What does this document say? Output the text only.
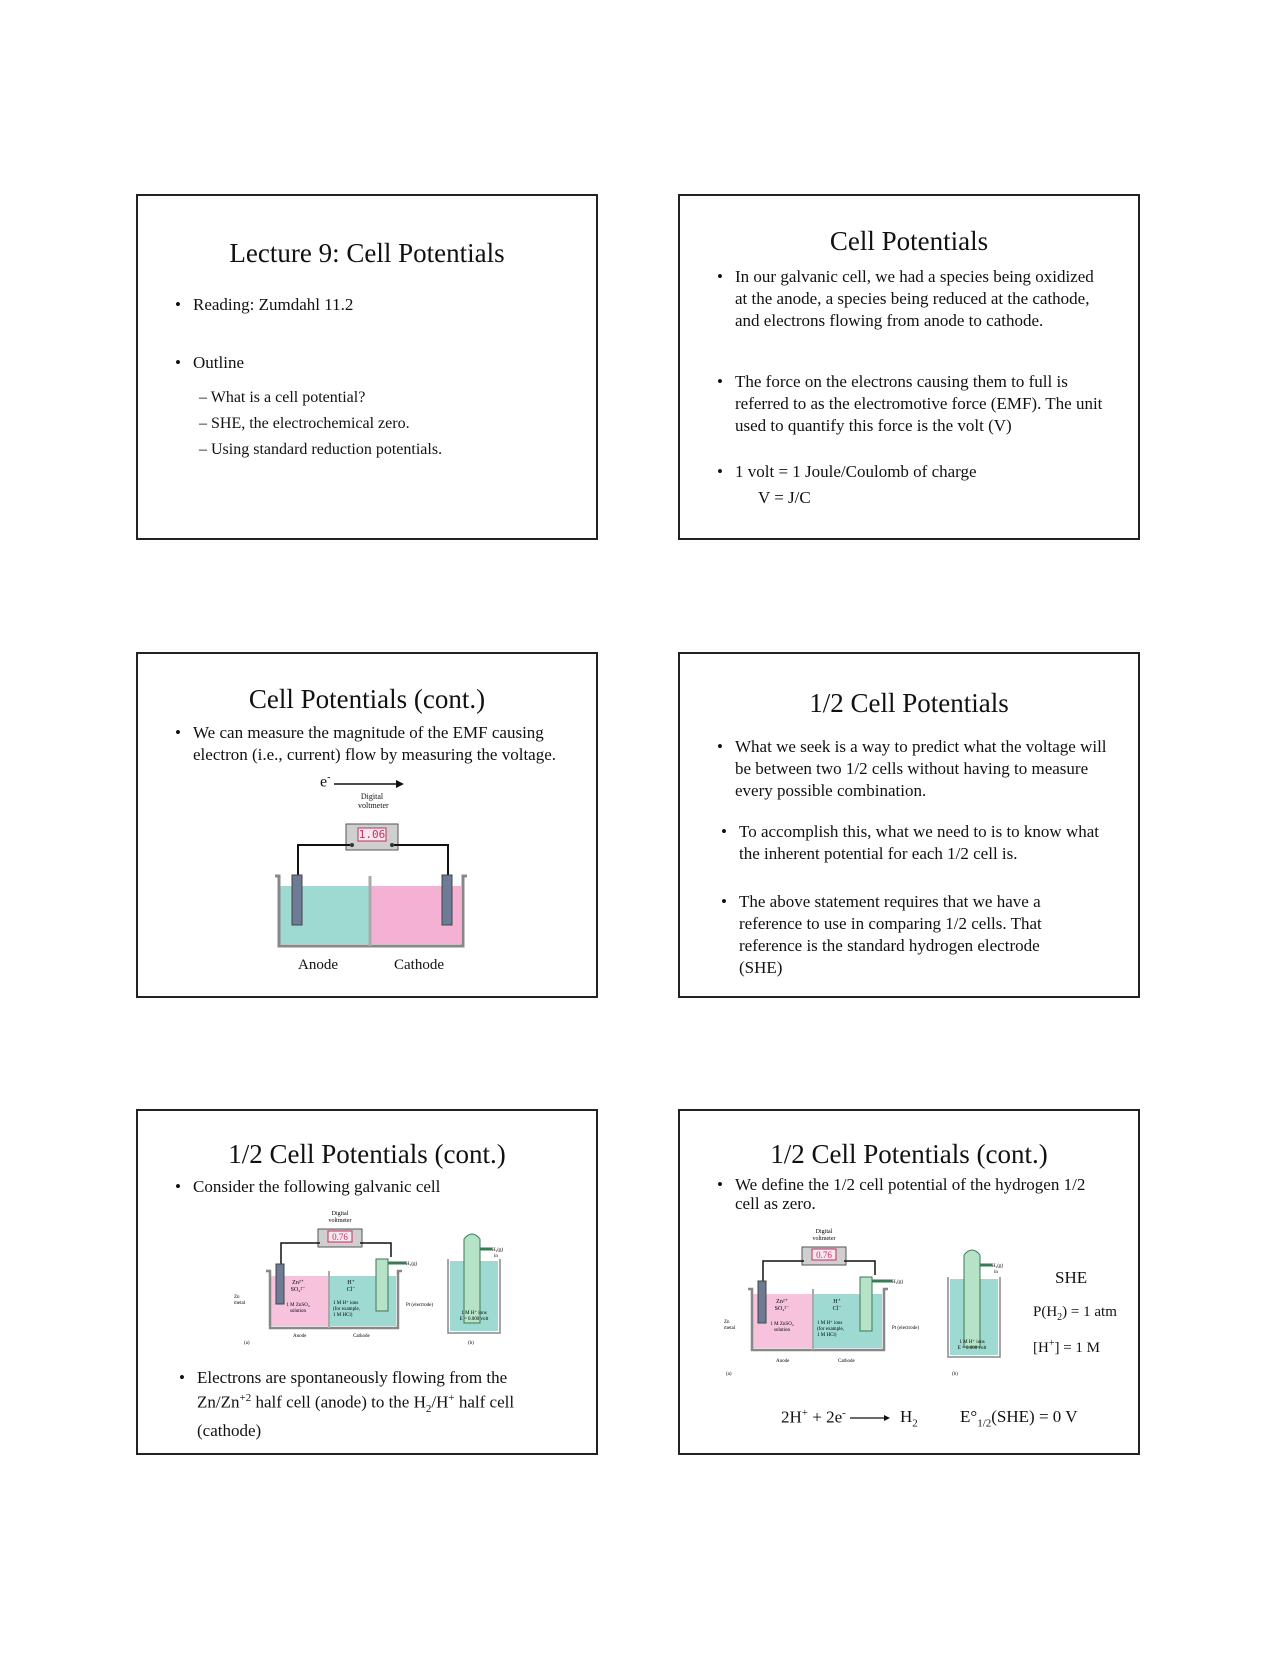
Lecture 9: Cell Potentials
• Reading: Zumdahl 11.2
• Outline
– What is a cell potential?
– SHE, the electrochemical zero.
– Using standard reduction potentials.
Cell Potentials
• In our galvanic cell, we had a species being oxidized at the anode, a species being reduced at the cathode, and electrons flowing from anode to cathode.
• The force on the electrons causing them to full is referred to as the electromotive force (EMF). The unit used to quantify this force is the volt (V)
• 1 volt = 1 Joule/Coulomb of charge
V = J/C
Cell Potentials (cont.)
• We can measure the magnitude of the EMF causing electron (i.e., current) flow by measuring the voltage.
e-
Digital
voltmeter
1.06
Anode	Cathode
1/2 Cell Potentials
• What we seek is a way to predict what the voltage will be between two 1/2 cells without having to measure every possible combination.
• To accomplish this, what we need to is to know what the inherent potential for each 1/2 cell is.
• The above statement requires that we have a reference to use in comparing 1/2 cells. That reference is the standard hydrogen electrode (SHE)
1/2 Cell Potentials (cont.)
• Consider the following galvanic cell
Digital
voltmeter
0.76
Zn
metal
Zn²⁺
SO₄²⁻
1 M ZnSO₄
solution
H⁺
Cl⁻
1 M H⁺ ions
(for example,
1 M HCl)
H₂(g)
Pt (electrode)
Anode	Cathode
(a)
H₂(g)
in
1 M H⁺ ions
E = 0.000 volt
(b)
• Electrons are spontaneously flowing from the $Zn/Zn^{+2}$ half cell (anode) to the $H_2/H^+$ half cell (cathode)
1/2 Cell Potentials (cont.)
• We define the 1/2 cell potential of the hydrogen 1/2 cell as zero.
Digital
voltmeter
0.76
Zn
metal
Zn²⁺
SO₄²⁻
1 M ZnSO₄
solution
H⁺
Cl⁻
1 M H⁺ ions
(for example,
1 M HCl)
H₂(g)
Pt (electrode)
Anode	Cathode
(a)
H₂(g)
in
1 M H⁺ ions
E = 0.000 volt
(b)
SHE
$P(H_2) = 1$ atm
[H+] = 1 M
2H+ + 2e-	$H_2$ $E^\circ_{1/2}(SHE) = 0$ V
